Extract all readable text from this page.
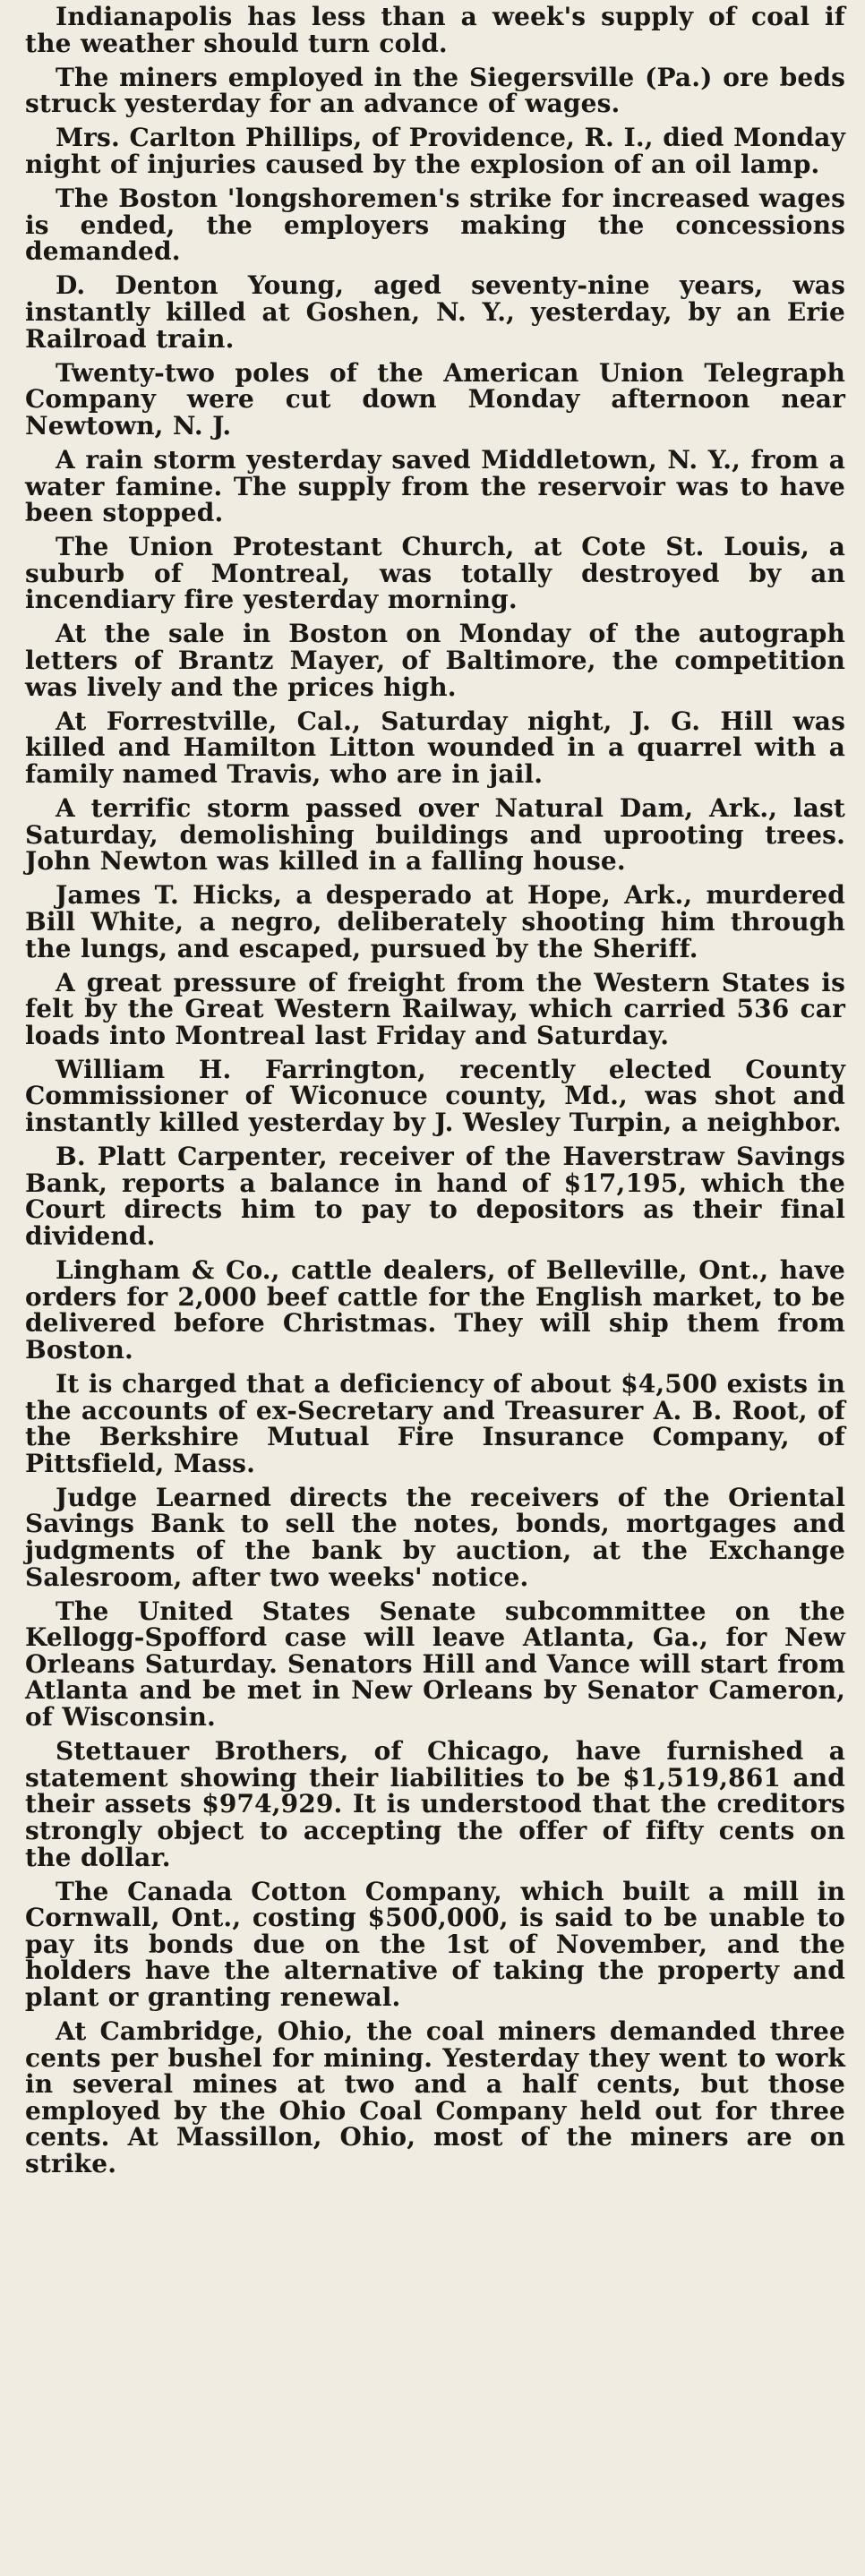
Indianapolis has less than a week's supply of coal if the weather should turn cold.

The miners employed in the Siegersville (Pa.) ore beds struck yesterday for an advance of wages.

Mrs. Carlton Phillips, of Providence, R. I., died Monday night of injuries caused by the explosion of an oil lamp.

The Boston 'longshoremen's strike for increased wages is ended, the employers making the concessions demanded.

D. Denton Young, aged seventy-nine years, was instantly killed at Goshen, N. Y., yesterday, by an Erie Railroad train.

Twenty-two poles of the American Union Telegraph Company were cut down Monday afternoon near Newtown, N. J.

A rain storm yesterday saved Middletown, N. Y., from a water famine. The supply from the reservoir was to have been stopped.

The Union Protestant Church, at Cote St. Louis, a suburb of Montreal, was totally destroyed by an incendiary fire yesterday morning.

At the sale in Boston on Monday of the autograph letters of Brantz Mayer, of Baltimore, the competition was lively and the prices high.

At Forrestville, Cal., Saturday night, J. G. Hill was killed and Hamilton Litton wounded in a quarrel with a family named Travis, who are in jail.

A terrific storm passed over Natural Dam, Ark., last Saturday, demolishing buildings and uprooting trees. John Newton was killed in a falling house.

James T. Hicks, a desperado at Hope, Ark., murdered Bill White, a negro, deliberately shooting him through the lungs, and escaped, pursued by the Sheriff.

A great pressure of freight from the Western States is felt by the Great Western Railway, which carried 536 car loads into Montreal last Friday and Saturday.

William H. Farrington, recently elected County Commissioner of Wiconuce county, Md., was shot and instantly killed yesterday by J. Wesley Turpin, a neighbor.

B. Platt Carpenter, receiver of the Haverstraw Savings Bank, reports a balance in hand of $17,195, which the Court directs him to pay to depositors as their final dividend.

Lingham & Co., cattle dealers, of Belleville, Ont., have orders for 2,000 beef cattle for the English market, to be delivered before Christmas. They will ship them from Boston.

It is charged that a deficiency of about $4,500 exists in the accounts of ex-Secretary and Treasurer A. B. Root, of the Berkshire Mutual Fire Insurance Company, of Pittsfield, Mass.

Judge Learned directs the receivers of the Oriental Savings Bank to sell the notes, bonds, mortgages and judgments of the bank by auction, at the Exchange Salesroom, after two weeks' notice.

The United States Senate subcommittee on the Kellogg-Spofford case will leave Atlanta, Ga., for New Orleans Saturday. Senators Hill and Vance will start from Atlanta and be met in New Orleans by Senator Cameron, of Wisconsin.

Stettauer Brothers, of Chicago, have furnished a statement showing their liabilities to be $1,519,861 and their assets $974,929. It is understood that the creditors strongly object to accepting the offer of fifty cents on the dollar.

The Canada Cotton Company, which built a mill in Cornwall, Ont., costing $500,000, is said to be unable to pay its bonds due on the 1st of November, and the holders have the alternative of taking the property and plant or granting renewal.

At Cambridge, Ohio, the coal miners demanded three cents per bushel for mining. Yesterday they went to work in several mines at two and a half cents, but those employed by the Ohio Coal Company held out for three cents. At Massillon, Ohio, most of the miners are on strike.
